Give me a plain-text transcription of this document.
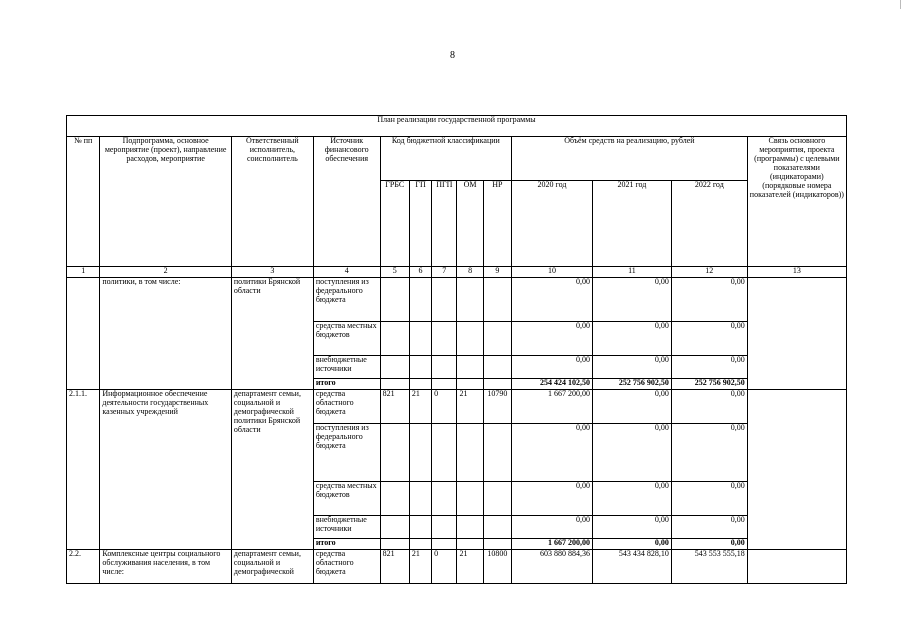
8
План реализации государственной программы												
№ пп	Подпрограмма, основное мероприятие (проект), направление расходов, мероприятие	Ответственный исполнитель, соисполнитель	Источник финансового обеспечения	Код бюджетной классификации					Объём средств на реализацию, рублей			Связь основного мероприятия, проекта (программы) с целевыми показателями (индикаторами) (порядковые номера показателей (индикаторов))
				ГРБС	ГП	ПГП	ОМ	НР	2020 год	2021 год	2022 год	
1	2	3	4	5	6	7	8	9	10	11	12	13
	политики, в том числе:	политики Брянской области	поступления из федерального бюджета						0,00	0,00	0,00	
			средства местных бюджетов						0,00	0,00	0,00	
			внебюджетные источники						0,00	0,00	0,00	
			итого						254 424 102,50	252 756 902,50	252 756 902,50	
2.1.1.	Информационное обеспечение деятельности государственных казенных учреждений	департамент семьи, социальной и демографической политики Брянской области	средства областного бюджета	821	21	0	21	10790	1 667 200,00	0,00	0,00	
			поступления из федерального бюджета						0,00	0,00	0,00	
			средства местных бюджетов						0,00	0,00	0,00	
			внебюджетные источники						0,00	0,00	0,00	
			итого						1 667 200,00	0,00	0,00	
2.2.	Комплексные центры социального обслуживания населения, в том числе:	департамент семьи, социальной и демографической	средства областного бюджета	821	21	0	21	10800	603 880 884,36	543 434 828,10	543 553 555,18	
